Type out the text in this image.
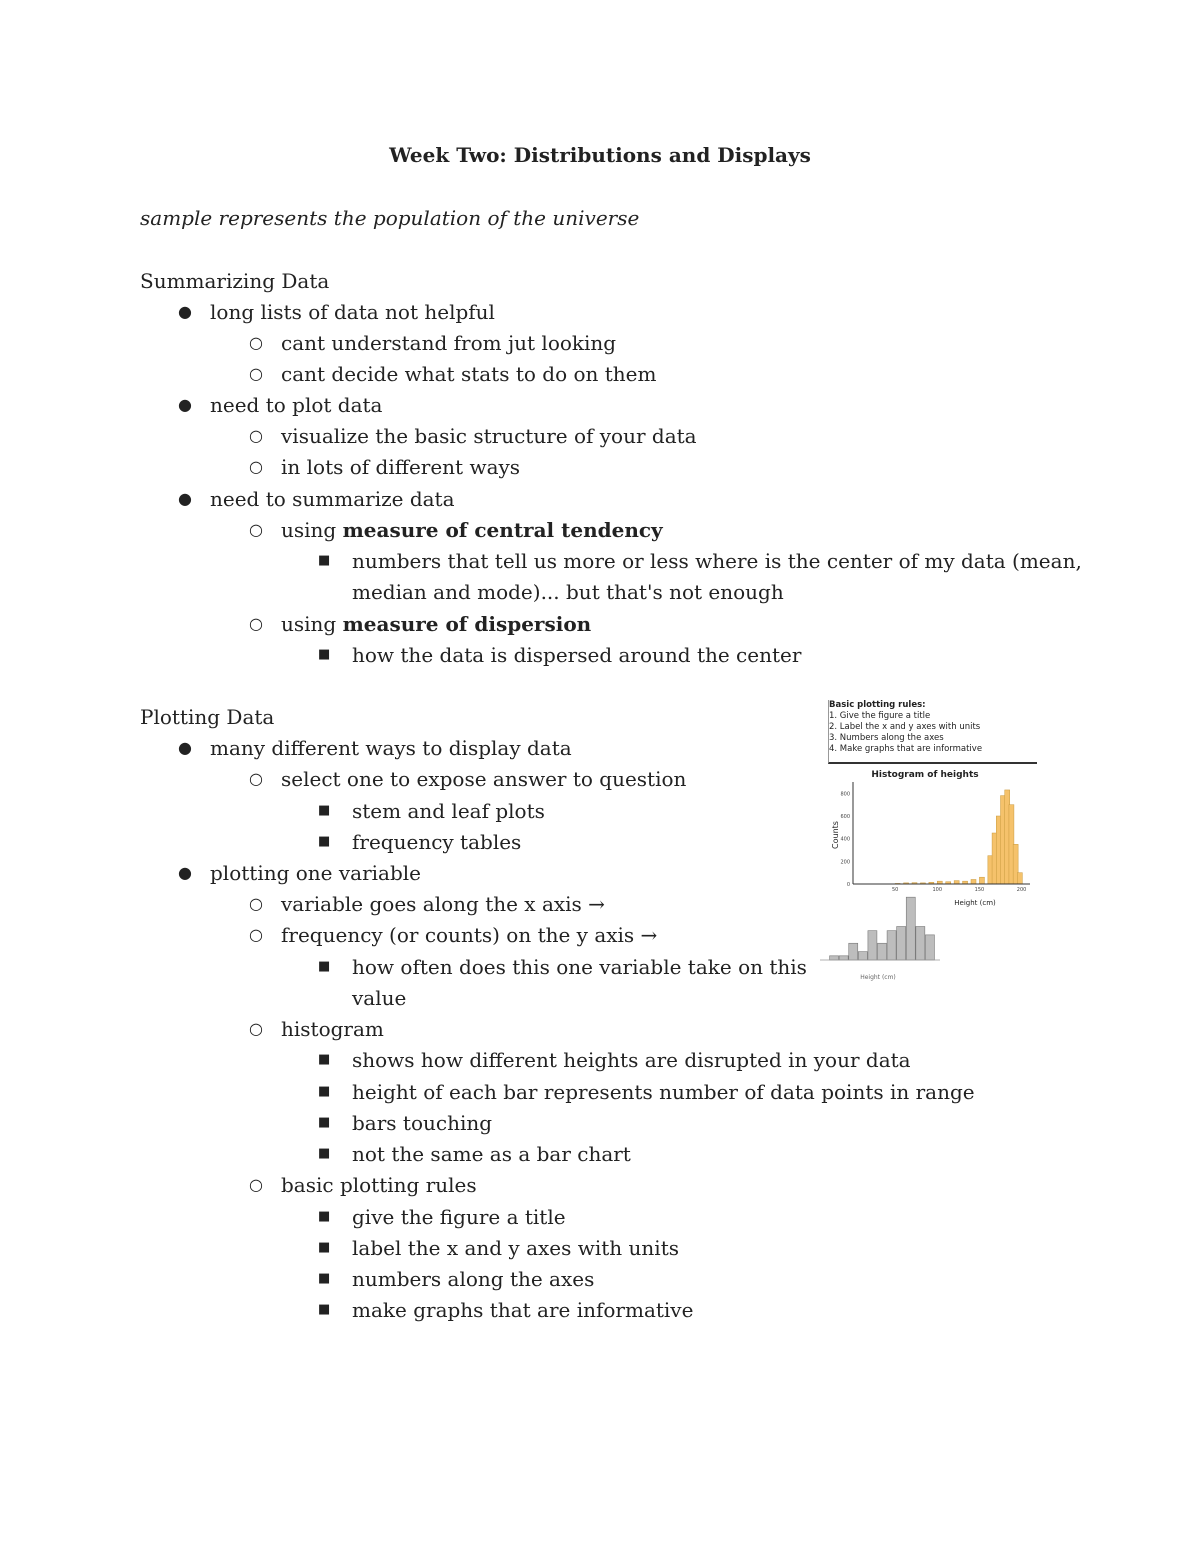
Week Two: Distributions and Displays
sample represents the population of the universe
Summarizing Data
● long lists of data not helpful
○ cant understand from jut looking
○ cant decide what stats to do on them
● need to plot data
○ visualize the basic structure of your data
○ in lots of different ways
● need to summarize data
○ using measure of central tendency
■ numbers that tell us more or less where is the center of my data (mean,
median and mode)... but that's not enough
○ using measure of dispersion
■ how the data is dispersed around the center
Plotting Data
● many different ways to display data
○ select one to expose answer to question
■ stem and leaf plots
■ frequency tables
● plotting one variable
○ variable goes along the x axis →
○ frequency (or counts) on the y axis →
■ how often does this one variable take on this
value
○ histogram
■ shows how different heights are disrupted in your data
■ height of each bar represents number of data points in range
■ bars touching
■ not the same as a bar chart
○ basic plotting rules
■ give the figure a title
■ label the x and y axes with units
■ numbers along the axes
■ make graphs that are informative
Basic plotting rules:
1. Give the figure a title
2. Label the x and y axes with units
3. Numbers along the axes
4. Make graphs that are informative
Histogram of heights
Counts
Height (cm)
Height (cm)
800
600
400
200
0
50	100	150	200
